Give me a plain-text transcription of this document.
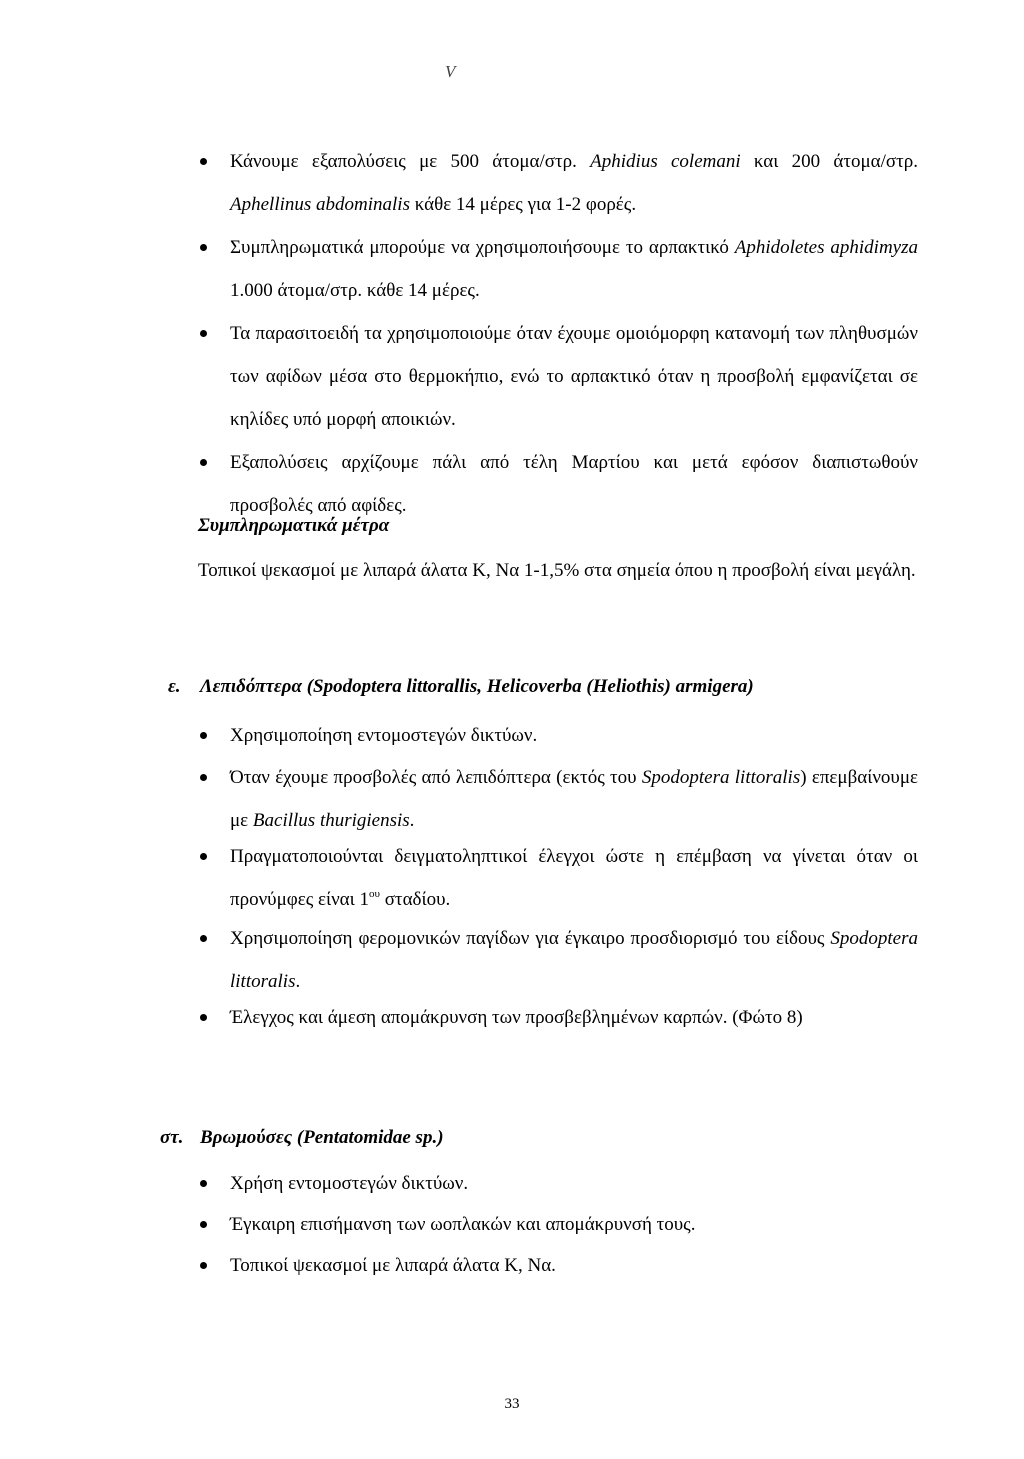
V
Κάνουμε εξαπολύσεις με 500 άτομα/στρ. Aphidius colemani και 200 άτομα/στρ. Aphellinus abdominalis κάθε 14 μέρες για 1-2 φορές.
Συμπληρωματικά μπορούμε να χρησιμοποιήσουμε το αρπακτικό Aphidoletes aphidimyza 1.000 άτομα/στρ. κάθε 14 μέρες.
Τα παρασιτοειδή τα χρησιμοποιούμε όταν έχουμε ομοιόμορφη κατανομή των πληθυσμών των αφίδων μέσα στο θερμοκήπιο, ενώ το αρπακτικό όταν η προσβολή εμφανίζεται σε κηλίδες υπό μορφή αποικιών.
Εξαπολύσεις αρχίζουμε πάλι από τέλη Μαρτίου και μετά εφόσον διαπιστωθούν προσβολές από αφίδες.
Συμπληρωματικά μέτρα
Τοπικοί ψεκασμοί με λιπαρά άλατα Κ, Να 1-1,5% στα σημεία όπου η προσβολή είναι μεγάλη.
ε. Λεπιδόπτερα (Spodoptera littorallis, Helicoverba (Heliothis) armigera)
Χρησιμοποίηση εντομοστεγών δικτύων.
Όταν έχουμε προσβολές από λεπιδόπτερα (εκτός του Spodoptera littoralis) επεμβαίνουμε με Bacillus thurigiensis.
Πραγματοποιούνται δειγματοληπτικοί έλεγχοι ώστε η επέμβαση να γίνεται όταν οι προνύμφες είναι $1^{o\upsilon}$ σταδίου.
Χρησιμοποίηση φερομονικών παγίδων για έγκαιρο προσδιορισμό του είδους Spodoptera littoralis.
Έλεγχος και άμεση απομάκρυνση των προσβεβλημένων καρπών. (Φώτο 8)
στ. Βρωμούσες (Pentatomidae sp.)
Χρήση εντομοστεγών δικτύων.
Έγκαιρη επισήμανση των ωοπλακών και απομάκρυνσή τους.
Τοπικοί ψεκασμοί με λιπαρά άλατα Κ, Να.
33
